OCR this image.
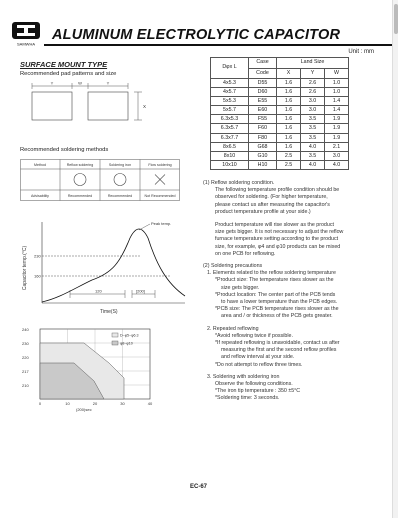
SAMWHA
ALUMINUM ELECTROLYTIC CAPACITOR
SURFACE MOUNT TYPE
Recommended pad patterns and size
Y	W	Y
X
Recommended soldering methods
Method	Reflow soldering	Soldering iron	Flow soldering
Advisability	Recommended	Recommended	Not Recommended
Capacitor temp.(°C) 230
160
Peak temp.
120	[200]
Time(S)
240
230
220
217
210
0	10	20	30	40
(200)sec
D~φ5~φ6.3
φ8~φ10
Unit : mm
Dφx L	Case	Land Size		
	Code	X	Y	W
4x5.3	D55	1.6	2.6	1.0
4x5.7	D60	1.6	2.6	1.0
5x5.3	E55	1.6	3.0	1.4
5x5.7	E60	1.6	3.0	1.4
6.3x5.3	F55	1.6	3.5	1.9
6.3x5.7	F60	1.6	3.5	1.9
6.3x7.7	F80	1.6	3.5	1.9
8x6.5	G68	1.6	4.0	2.1
8x10	G10	2.5	3.5	3.0
10x10	H10	2.5	4.0	4.0
(1) Reflow soldering condition.
The following temperature profile condition should be
observed for soldering. (For higher temperature,
please contact us after measuring the capacitor's
product temperature profile at your side.)
Product temperature will rise slower as the product
size gets bigger. It is not necessary to adjust the reflow
furnace temperature setting according to the product
size, for example, φ4 and φ10 products can be mixed
on one PCB for reflowing.
(2) Soldering precautions
1. Elements related to the reflow soldering temperature
*Product size: The temperature rises slower as the
size gets bigger.
*Product location: The center part of the PCB tends
to have a lower temperature than the PCB edges.
*PCB size: The PCB temperature rises slower as the
area and / or thickness of the PCB gets greater.
2. Repeated reflowing
*Avoid reflowing twice if possible.
*If repeated reflowing is unavoidable, contact us after
measuring the first and the second reflow profiles
and reflow interval at your side.
*Do not attempt to reflow three times.
3. Soldering with soldering iron
Observe the following conditions.
*The iron tip temperature : 350 ±5°C
*Soldering time: 3 seconds.
EC-67
